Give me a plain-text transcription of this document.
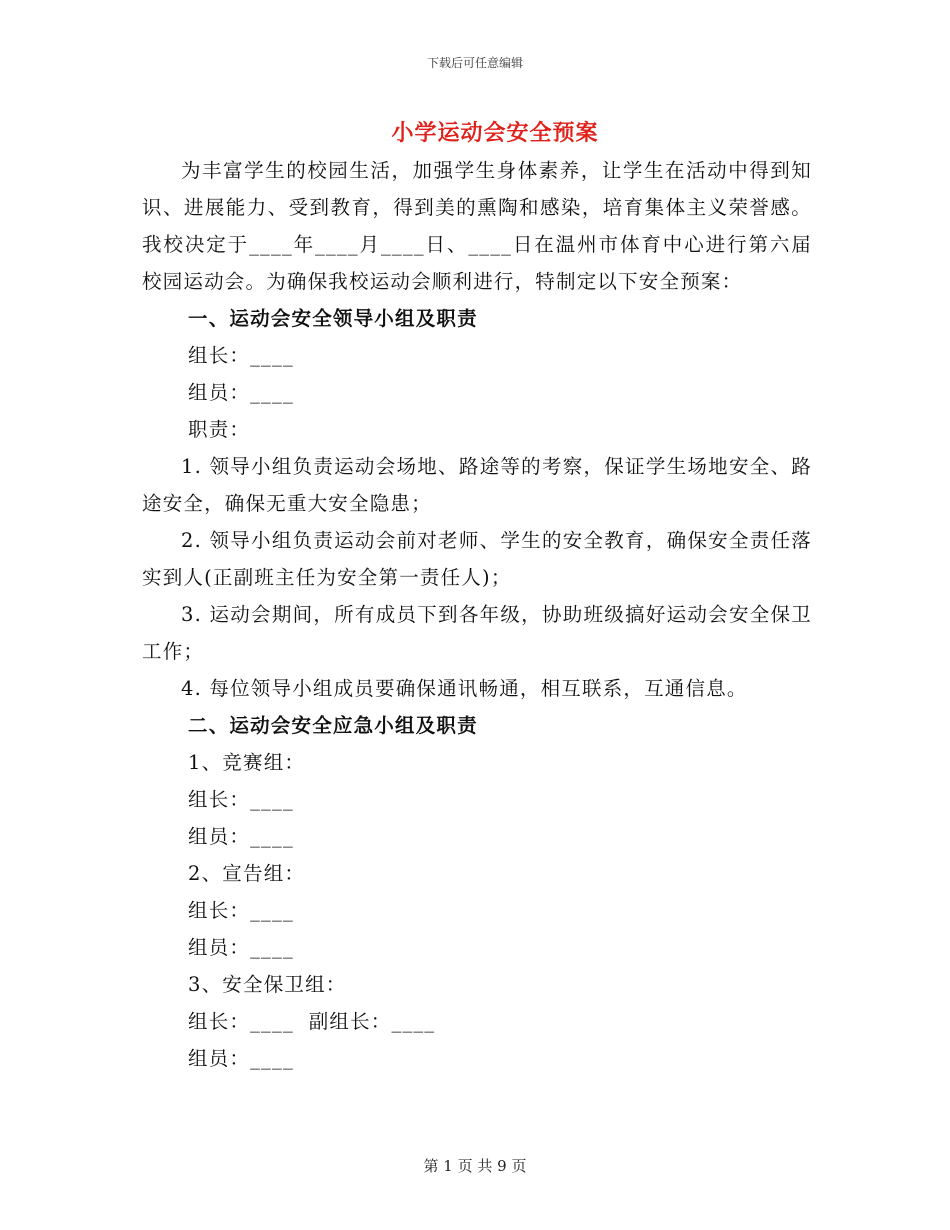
下载后可任意编辑
小学运动会安全预案

为丰富学生的校园生活，加强学生身体素养，让学生在活动中得到知识、进展能力、受到教育，得到美的熏陶和感染，培育集体主义荣誉感。我校决定于____年____月____日、____日在温州市体育中心进行第六届校园运动会。为确保我校运动会顺利进行，特制定以下安全预案：

一、运动会安全领导小组及职责

组长：____

组员：____

职责：

1. 领导小组负责运动会场地、路途等的考察，保证学生场地安全、路途安全，确保无重大安全隐患；

2. 领导小组负责运动会前对老师、学生的安全教育，确保安全责任落实到人(正副班主任为安全第一责任人)；

3. 运动会期间，所有成员下到各年级，协助班级搞好运动会安全保卫工作；

4. 每位领导小组成员要确保通讯畅通，相互联系，互通信息。

二、运动会安全应急小组及职责

1、竞赛组：

组长：____

组员：____

2、宣告组：

组长：____

组员：____

3、安全保卫组：

组长：____  副组长：____

组员：____

第 1 页 共 9 页
